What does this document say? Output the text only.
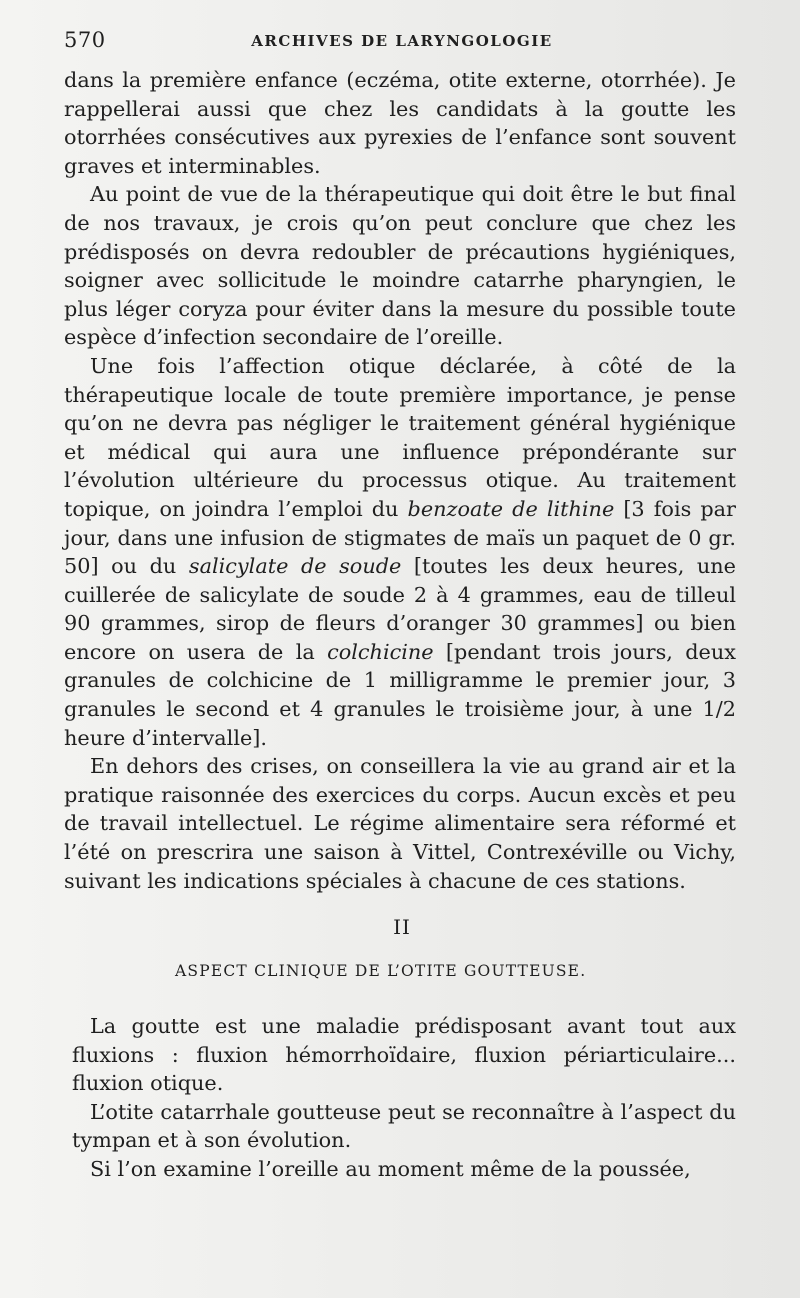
570	ARCHIVES DE LARYNGOLOGIE

dans la première enfance (eczéma, otite externe, otorrhée). Je rappellerai aussi que chez les candidats à la goutte les otorrhées consécutives aux pyrexies de l’enfance sont souvent graves et interminables.

Au point de vue de la thérapeutique qui doit être le but final de nos travaux, je crois qu’on peut conclure que chez les prédisposés on devra redoubler de précautions hygiéniques, soigner avec sollicitude le moindre catarrhe pharyngien, le plus léger coryza pour éviter dans la mesure du possible toute espèce d’infection secondaire de l’oreille.

Une fois l’affection otique déclarée, à côté de la thérapeutique locale de toute première importance, je pense qu’on ne devra pas négliger le traitement général hygiénique et médical qui aura une influence prépondérante sur l’évolution ultérieure du processus otique. Au traitement topique, on joindra l’emploi du benzoate de lithine [3 fois par jour, dans une infusion de stigmates de maïs un paquet de 0 gr. 50] ou du salicylate de soude [toutes les deux heures, une cuillerée de salicylate de soude 2 à 4 grammes, eau de tilleul 90 grammes, sirop de fleurs d’oranger 30 grammes] ou bien encore on usera de la colchicine [pendant trois jours, deux granules de colchicine de 1 milligramme le premier jour, 3 granules le second et 4 granules le troisième jour, à une 1/2 heure d’intervalle].

En dehors des crises, on conseillera la vie au grand air et la pratique raisonnée des exercices du corps. Aucun excès et peu de travail intellectuel. Le régime alimentaire sera réformé et l’été on prescrira une saison à Vittel, Contrexéville ou Vichy, suivant les indications spéciales à chacune de ces stations.

II
ASPECT CLINIQUE DE L’OTITE GOUTTEUSE.

La goutte est une maladie prédisposant avant tout aux fluxions : fluxion hémorrhoïdaire, fluxion périarticulaire... fluxion otique.

L’otite catarrhale goutteuse peut se reconnaître à l’aspect du tympan et à son évolution.

Si l’on examine l’oreille au moment même de la poussée,
